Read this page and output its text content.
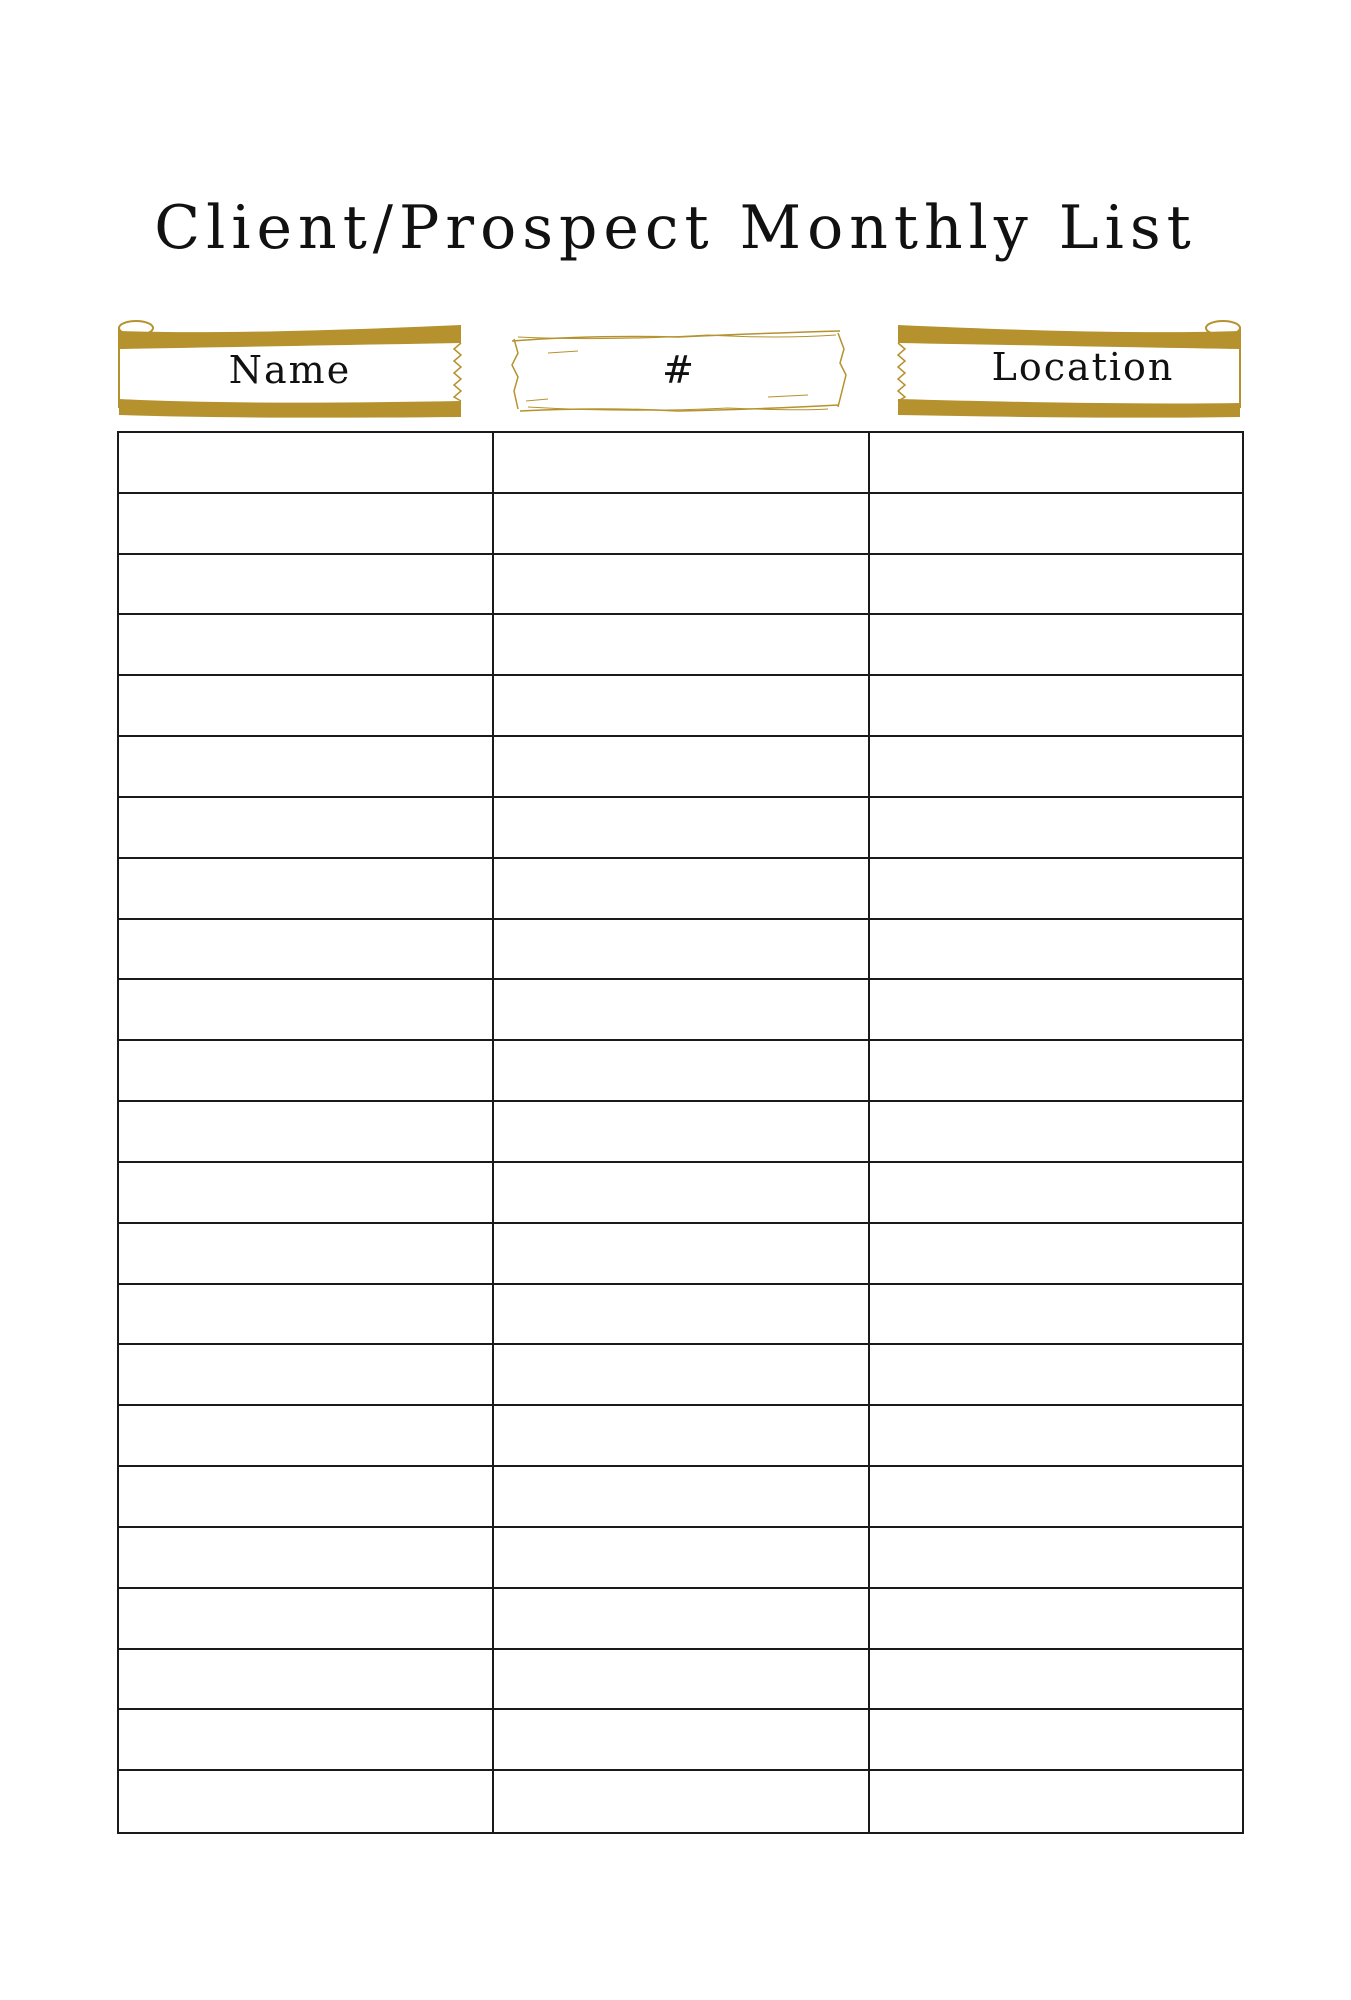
Client/Prospect Monthly List
Name	#	Location
